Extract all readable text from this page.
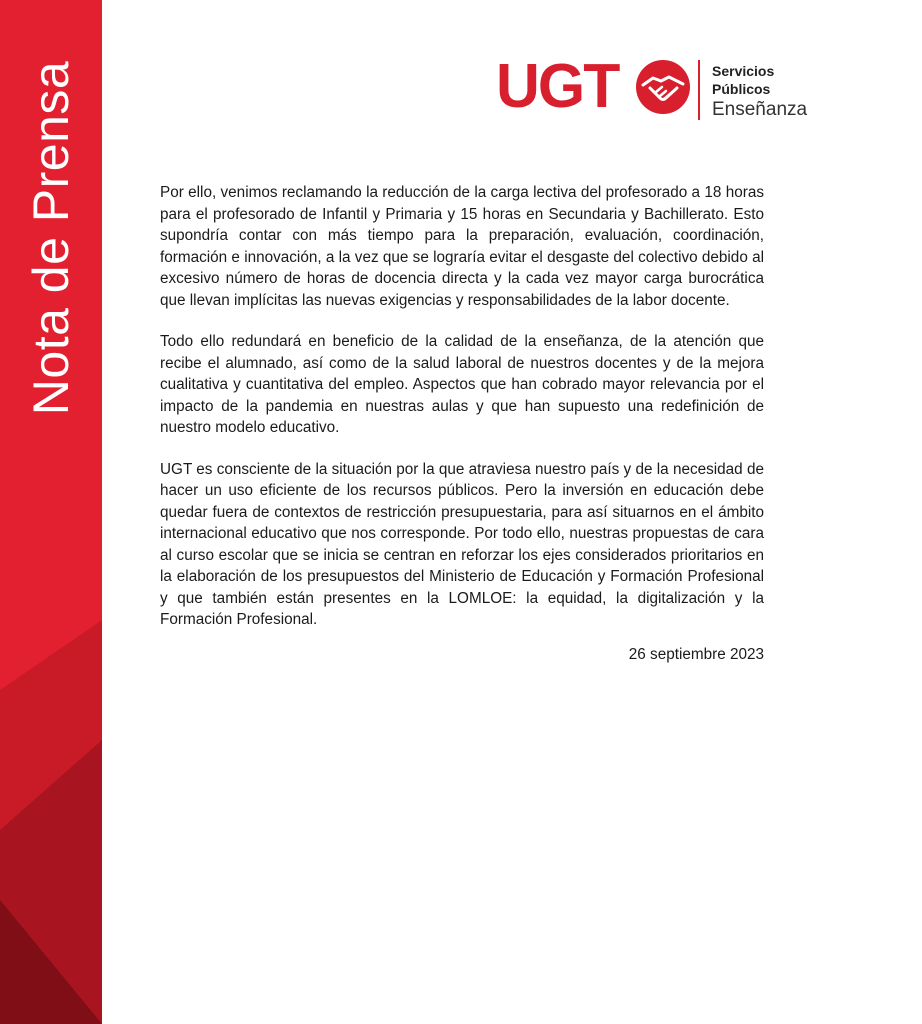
Nota de Prensa	UGT	Servicios
Públicos
Enseñanza

Por ello, venimos reclamando la reducción de la carga lectiva del profesorado a 18 horas para el profesorado de Infantil y Primaria y 15 horas en Secundaria y Bachillerato. Esto supondría contar con más tiempo para la preparación, evaluación, coordinación, formación e innovación, a la vez que se lograría evitar el desgaste del colectivo debido al excesivo número de horas de docencia directa y la cada vez mayor carga burocrática que llevan implícitas las nuevas exigencias y responsabilidades de la labor docente.

Todo ello redundará en beneficio de la calidad de la enseñanza, de la atención que recibe el alumnado, así como de la salud laboral de nuestros docentes y de la mejora cualitativa y cuantitativa del empleo. Aspectos que han cobrado mayor relevancia por el impacto de la pandemia en nuestras aulas y que han supuesto una redefinición de nuestro modelo educativo.

UGT es consciente de la situación por la que atraviesa nuestro país y de la necesidad de hacer un uso eficiente de los recursos públicos. Pero la inversión en educación debe quedar fuera de contextos de restricción presupuestaria, para así situarnos en el ámbito internacional educativo que nos corresponde. Por todo ello, nuestras propuestas de cara al curso escolar que se inicia se centran en reforzar los ejes considerados prioritarios en la elaboración de los presupuestos del Ministerio de Educación y Formación Profesional y que también están presentes en la LOMLOE: la equidad, la digitalización y la Formación Profesional.

26 septiembre 2023
